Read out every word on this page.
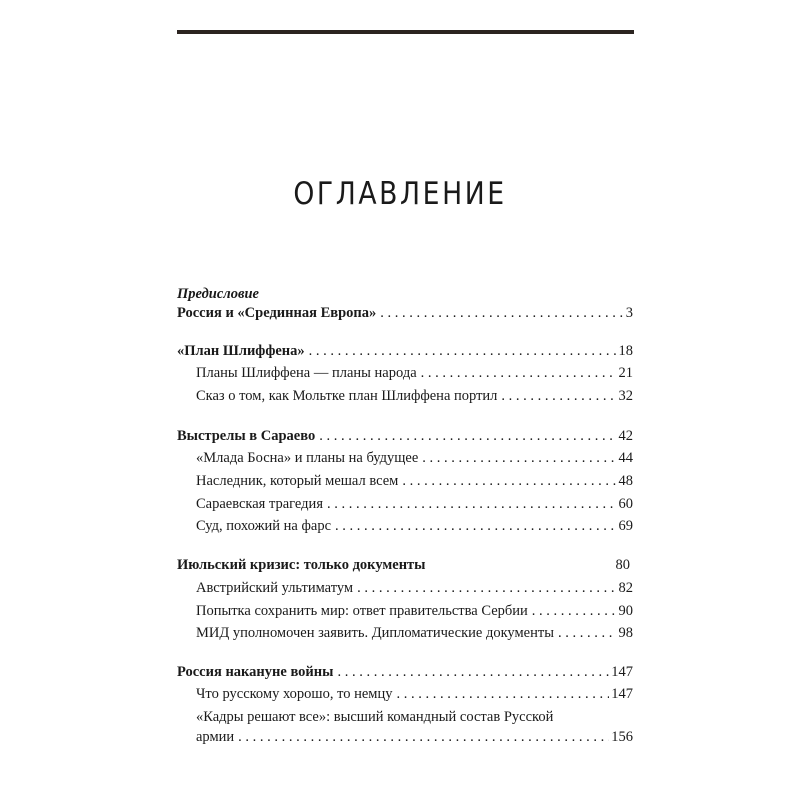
ОГЛАВЛЕНИЕ
Предисловие
Россия и «Срединная Европа» . . .	3
«План Шлиффена» . . .	18
Планы Шлиффена — планы народа . . .	21
Сказ о том, как Мольтке план Шлиффена портил . . .	32
Выстрелы в Сараево . . .	42
«Млада Босна» и планы на будущее . . .	44
Наследник, который мешал всем . . .	48
Сараевская трагедия . . .	60
Суд, похожий на фарс . . .	69
Июльский кризис: только документы	80
Австрийский ультиматум . . .	82
Попытка сохранить мир: ответ правительства Сербии . . .	90
МИД уполномочен заявить. Дипломатические документы . . .	98
Россия накануне войны . . .	147
Что русскому хорошо, то немцу . . .	147
«Кадры решают все»: высший командный состав Русской
армии . . .	156
